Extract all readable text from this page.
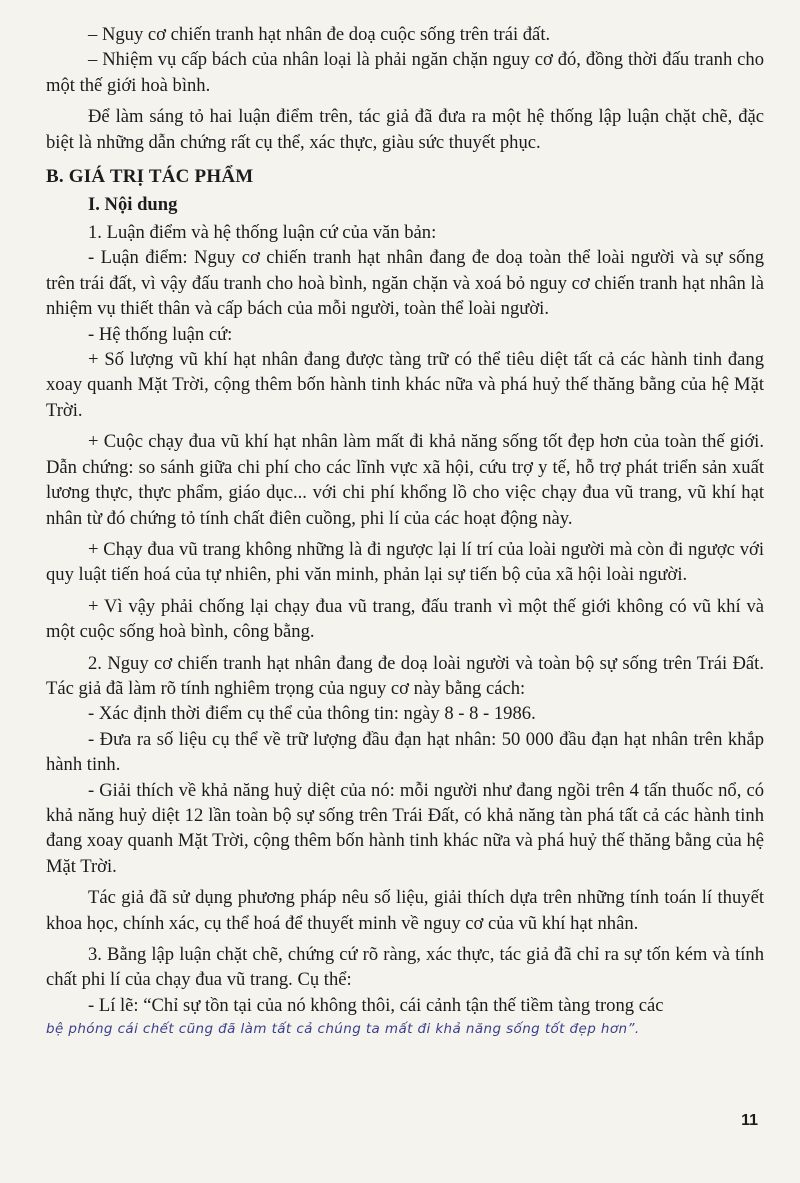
– Nguy cơ chiến tranh hạt nhân đe doạ cuộc sống trên trái đất.

– Nhiệm vụ cấp bách của nhân loại là phải ngăn chặn nguy cơ đó, đồng thời đấu tranh cho một thế giới hoà bình.

Để làm sáng tỏ hai luận điểm trên, tác giả đã đưa ra một hệ thống lập luận chặt chẽ, đặc biệt là những dẫn chứng rất cụ thể, xác thực, giàu sức thuyết phục.

B. GIÁ TRỊ TÁC PHẨM
I. Nội dung

1. Luận điểm và hệ thống luận cứ của văn bản:

- Luận điểm: Nguy cơ chiến tranh hạt nhân đang đe doạ toàn thể loài người và sự sống trên trái đất, vì vậy đấu tranh cho hoà bình, ngăn chặn và xoá bỏ nguy cơ chiến tranh hạt nhân là nhiệm vụ thiết thân và cấp bách của mỗi người, toàn thể loài người.

- Hệ thống luận cứ:

+ Số lượng vũ khí hạt nhân đang được tàng trữ có thể tiêu diệt tất cả các hành tinh đang xoay quanh Mặt Trời, cộng thêm bốn hành tinh khác nữa và phá huỷ thế thăng bằng của hệ Mặt Trời.

+ Cuộc chạy đua vũ khí hạt nhân làm mất đi khả năng sống tốt đẹp hơn của toàn thế giới. Dẫn chứng: so sánh giữa chi phí cho các lĩnh vực xã hội, cứu trợ y tế, hỗ trợ phát triển sản xuất lương thực, thực phẩm, giáo dục... với chi phí khổng lồ cho việc chạy đua vũ trang, vũ khí hạt nhân từ đó chứng tỏ tính chất điên cuồng, phi lí của các hoạt động này.

+ Chạy đua vũ trang không những là đi ngược lại lí trí của loài người mà còn đi ngược với quy luật tiến hoá của tự nhiên, phi văn minh, phản lại sự tiến bộ của xã hội loài người.

+ Vì vậy phải chống lại chạy đua vũ trang, đấu tranh vì một thế giới không có vũ khí và một cuộc sống hoà bình, công bằng.

2. Nguy cơ chiến tranh hạt nhân đang đe doạ loài người và toàn bộ sự sống trên Trái Đất. Tác giả đã làm rõ tính nghiêm trọng của nguy cơ này bằng cách:

- Xác định thời điểm cụ thể của thông tin: ngày 8 - 8 - 1986.

- Đưa ra số liệu cụ thể về trữ lượng đầu đạn hạt nhân: 50 000 đầu đạn hạt nhân trên khắp hành tinh.

- Giải thích về khả năng huỷ diệt của nó: mỗi người như đang ngồi trên 4 tấn thuốc nổ, có khả năng huỷ diệt 12 lần toàn bộ sự sống trên Trái Đất, có khả năng tàn phá tất cả các hành tinh đang xoay quanh Mặt Trời, cộng thêm bốn hành tinh khác nữa và phá huỷ thế thăng bằng của hệ Mặt Trời.

Tác giả đã sử dụng phương pháp nêu số liệu, giải thích dựa trên những tính toán lí thuyết khoa học, chính xác, cụ thể hoá để thuyết minh về nguy cơ của vũ khí hạt nhân.

3. Bằng lập luận chặt chẽ, chứng cứ rõ ràng, xác thực, tác giả đã chỉ ra sự tốn kém và tính chất phi lí của chạy đua vũ trang. Cụ thể:

- Lí lẽ: “Chỉ sự tồn tại của nó không thôi, cái cảnh tận thế tiềm tàng trong các

bệ phóng cái chết cũng đã làm tất cả chúng ta mất đi khả năng sống tốt đẹp hơn”.
11
